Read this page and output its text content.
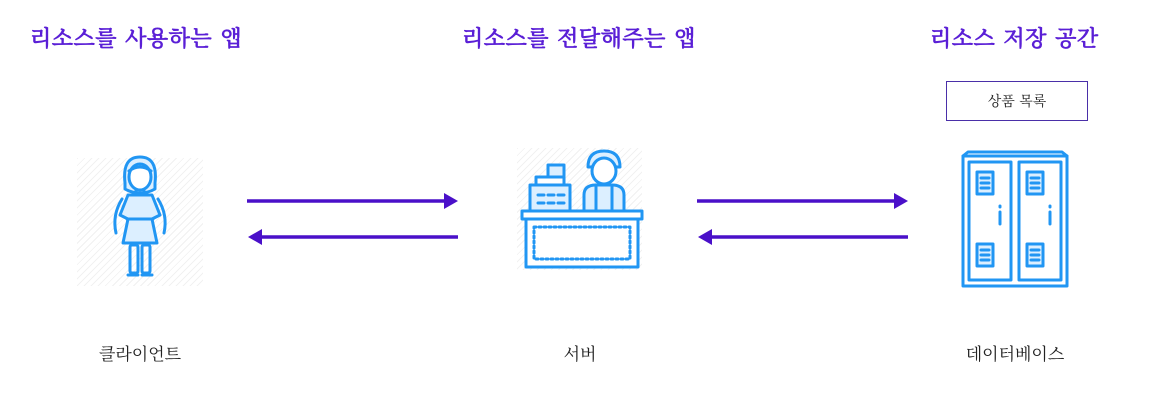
리소스를 사용하는 앱	리소스를 전달해주는 앱	리소스 저장 공간
상품 목록
클라이언트	서버	데이터베이스
